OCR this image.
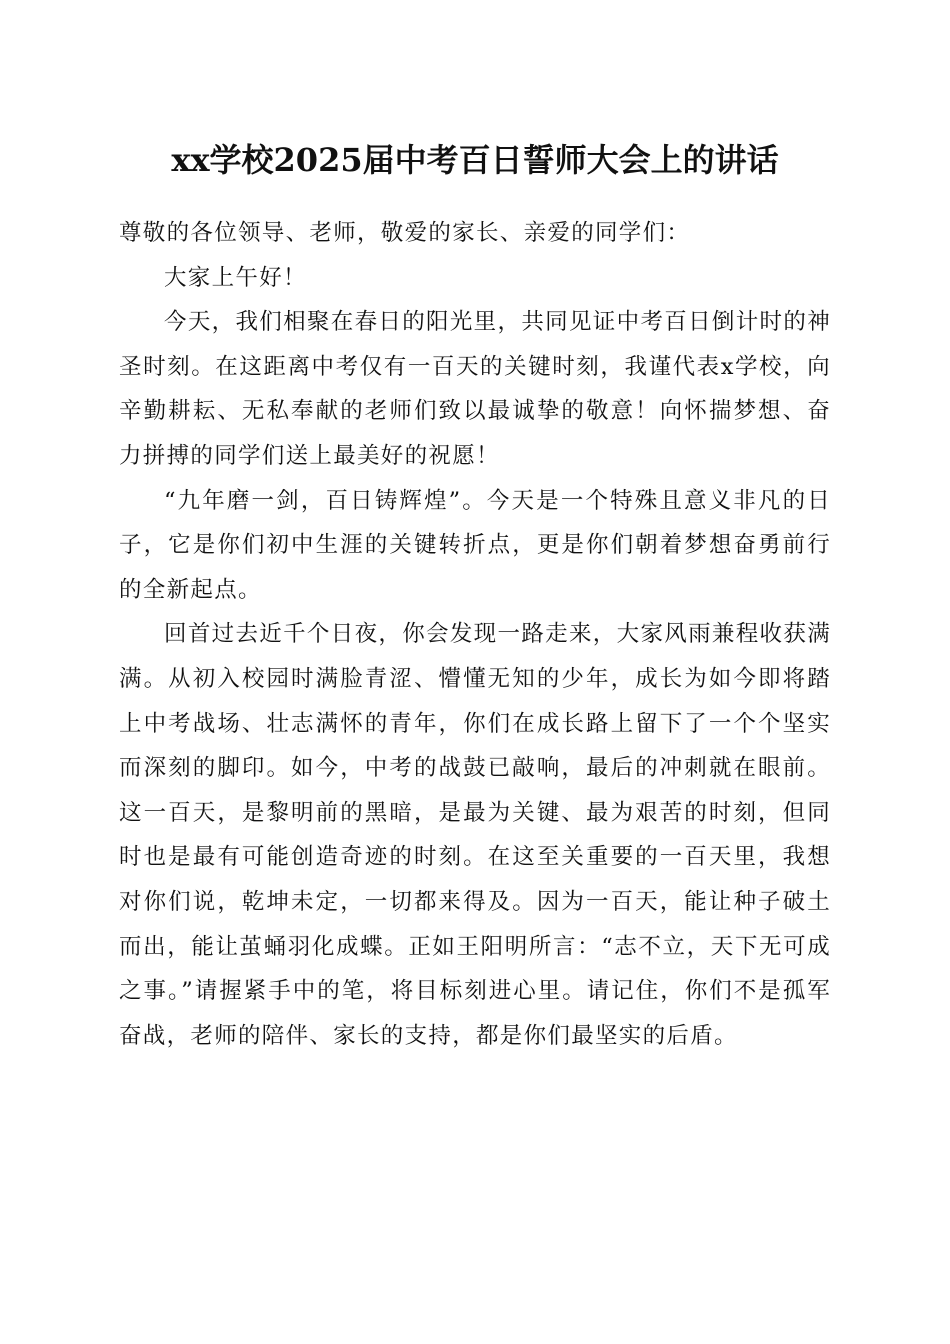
xx学校2025届中考百日誓师大会上的讲话

尊敬的各位领导、老师，敬爱的家长、亲爱的同学们：

大家上午好！

今天，我们相聚在春日的阳光里，共同见证中考百日倒计时的神圣时刻。在这距离中考仅有一百天的关键时刻，我谨代表x学校，向辛勤耕耘、无私奉献的老师们致以最诚挚的敬意！向怀揣梦想、奋力拼搏的同学们送上最美好的祝愿！

“九年磨一剑，百日铸辉煌”。今天是一个特殊且意义非凡的日子，它是你们初中生涯的关键转折点，更是你们朝着梦想奋勇前行的全新起点。

回首过去近千个日夜，你会发现一路走来，大家风雨兼程收获满满。从初入校园时满脸青涩、懵懂无知的少年，成长为如今即将踏上中考战场、壮志满怀的青年，你们在成长路上留下了一个个坚实而深刻的脚印。如今，中考的战鼓已敲响，最后的冲刺就在眼前。这一百天，是黎明前的黑暗，是最为关键、最为艰苦的时刻，但同时也是最有可能创造奇迹的时刻。在这至关重要的一百天里，我想对你们说，乾坤未定，一切都来得及。因为一百天，能让种子破土而出，能让茧蛹羽化成蝶。正如王阳明所言：“志不立，天下无可成之事。”请握紧手中的笔，将目标刻进心里。请记住，你们不是孤军奋战，老师的陪伴、家长的支持，都是你们最坚实的后盾。
